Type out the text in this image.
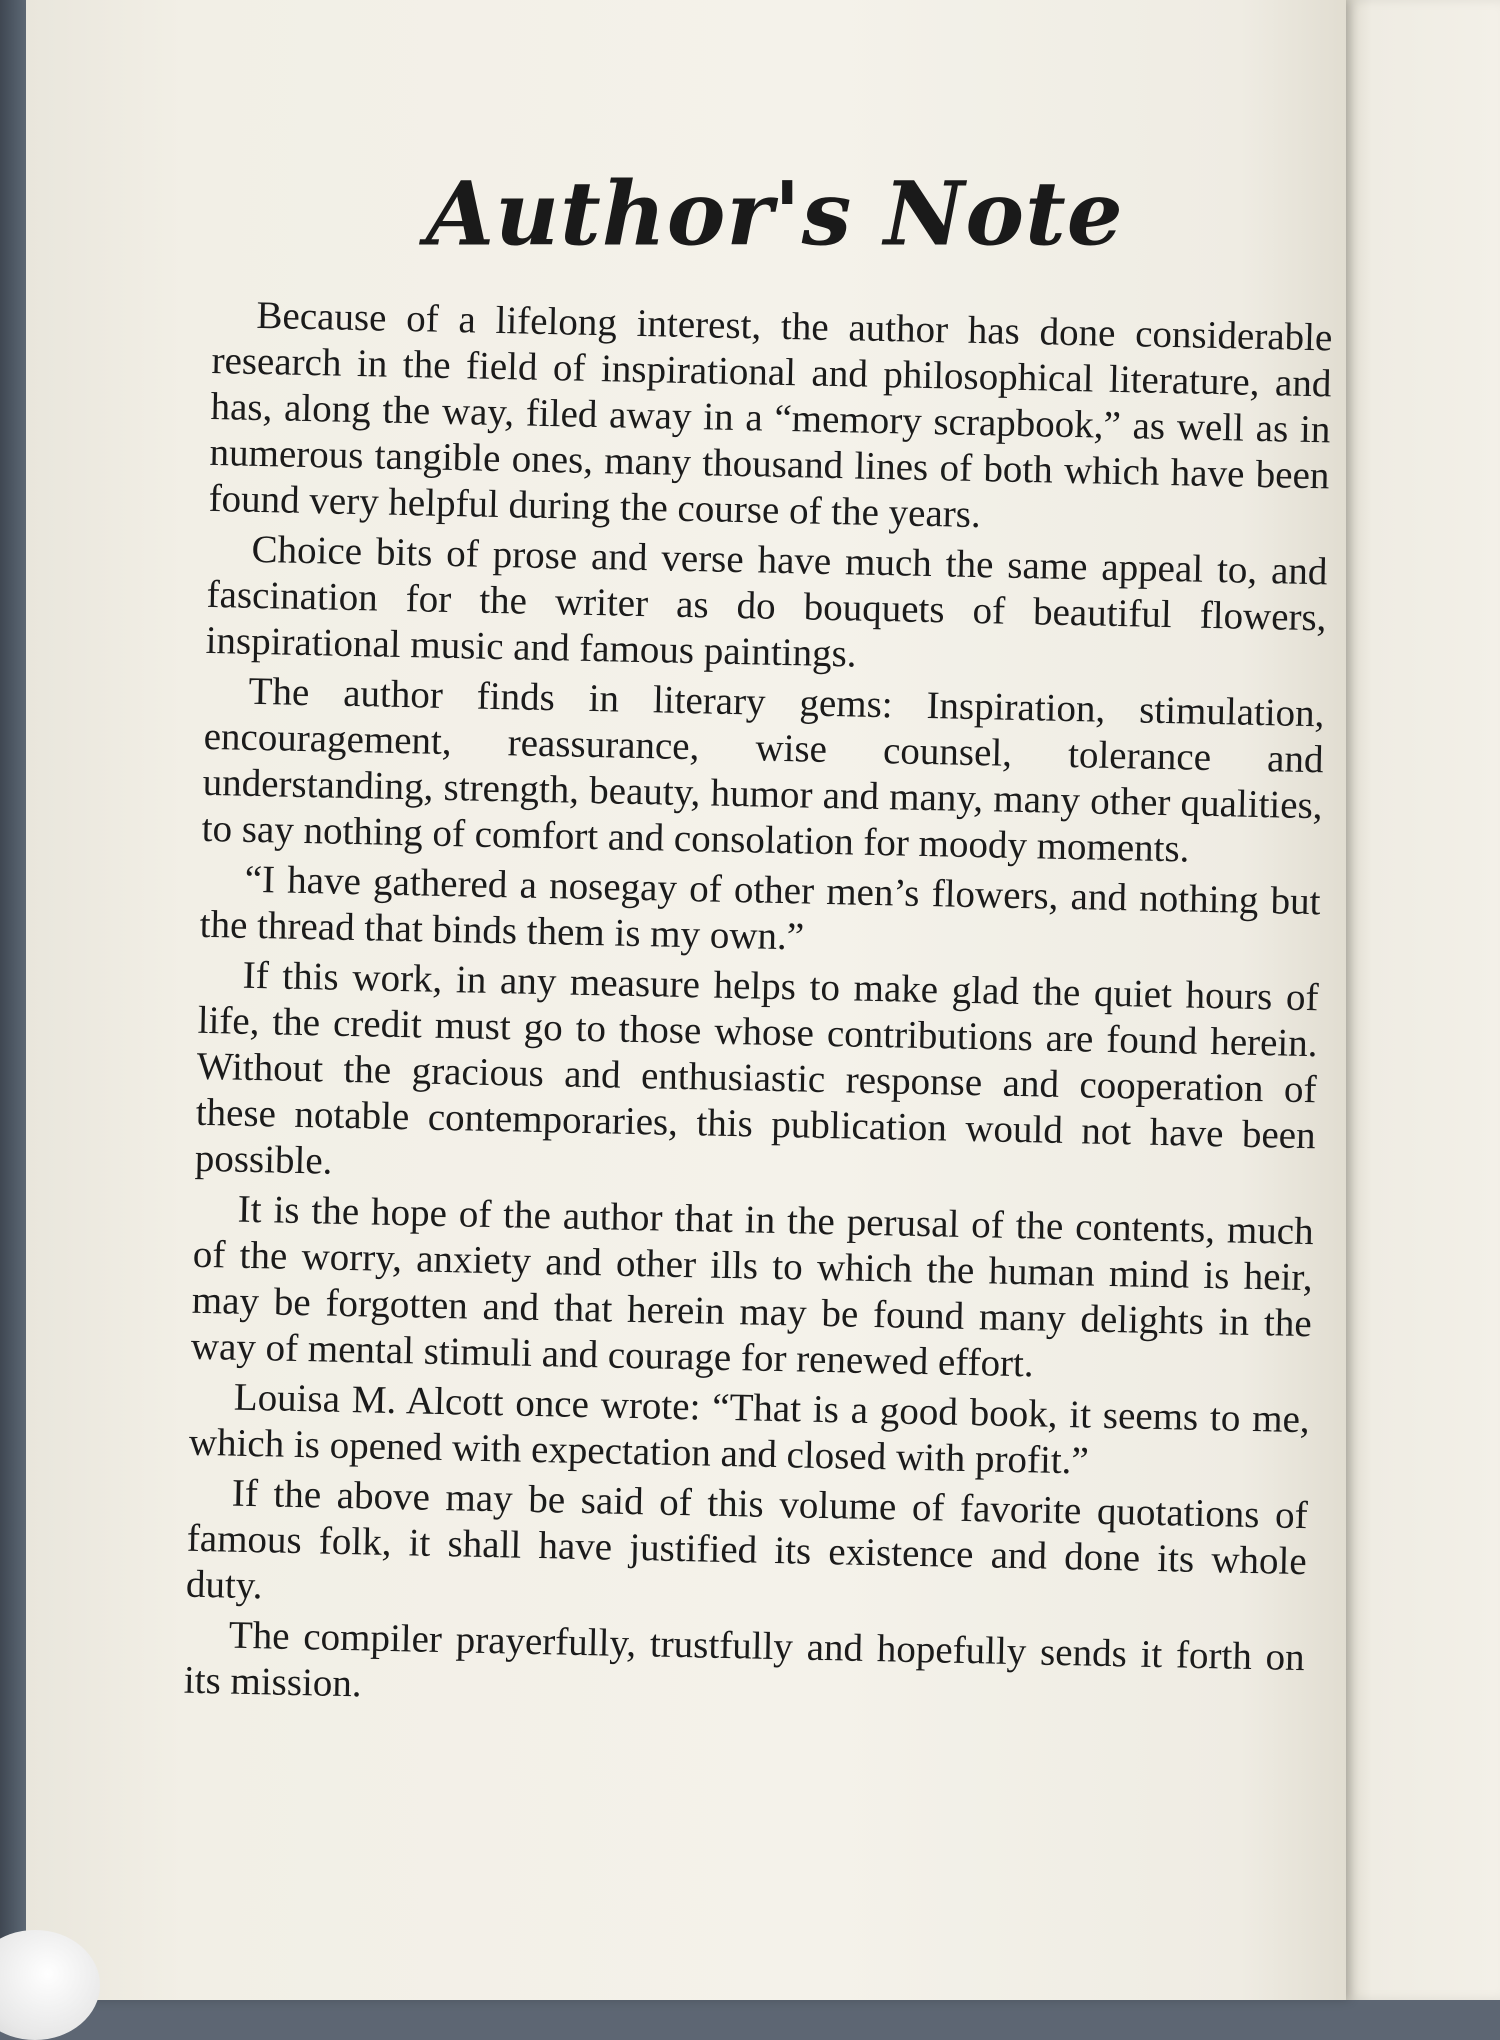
Author's Note

Because of a lifelong interest, the author has done considerable research in the field of inspirational and philosophical literature, and has, along the way, filed away in a “memory scrapbook,” as well as in numerous tangible ones, many thousand lines of both which have been found very helpful during the course of the years.

Choice bits of prose and verse have much the same appeal to, and fascination for the writer as do bouquets of beautiful flowers, inspirational music and famous paintings.

The author finds in literary gems: Inspiration, stimulation, encouragement, reassurance, wise counsel, tolerance and understanding, strength, beauty, humor and many, many other qualities, to say nothing of comfort and consolation for moody moments.

“I have gathered a nosegay of other men’s flowers, and nothing but the thread that binds them is my own.”

If this work, in any measure helps to make glad the quiet hours of life, the credit must go to those whose contributions are found herein. Without the gracious and enthusiastic response and cooperation of these notable contemporaries, this publication would not have been possible.

It is the hope of the author that in the perusal of the contents, much of the worry, anxiety and other ills to which the human mind is heir, may be forgotten and that herein may be found many delights in the way of mental stimuli and courage for renewed effort.

Louisa M. Alcott once wrote: “That is a good book, it seems to me, which is opened with expectation and closed with profit.”

If the above may be said of this volume of favorite quotations of famous folk, it shall have justified its existence and done its whole duty.

The compiler prayerfully, trustfully and hopefully sends it forth on its mission.
